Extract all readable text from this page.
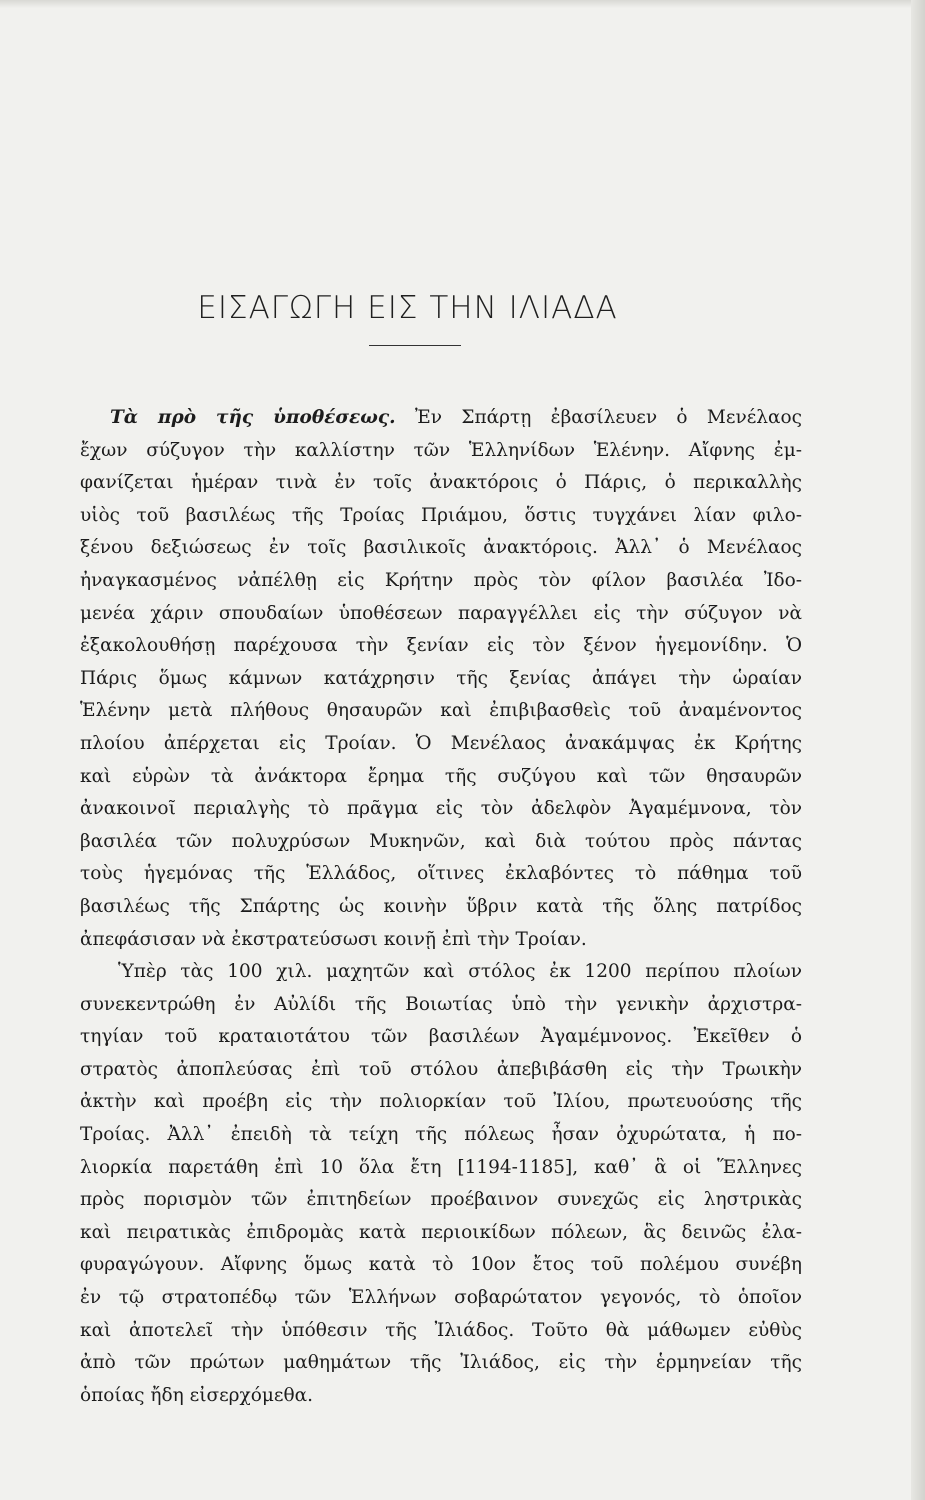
ΕΙΣΑΓΩΓΗ ΕΙΣ ΤΗΝ ΙΛΙΑΔΑ
Τὰ πρὸ τῆς ὑποθέσεως. Ἐν Σπάρτῃ ἐβασίλευεν ὁ Μενέλαος
ἔχων σύζυγον τὴν καλλίστην τῶν Ἑλληνίδων Ἑλένην. Αἴφνης ἐμ-
φανίζεται ἡμέραν τινὰ ἐν τοῖς ἀνακτόροις ὁ Πάρις, ὁ περικαλλὴς
υἱὸς τοῦ βασιλέως τῆς Τροίας Πριάμου, ὅστις τυγχάνει λίαν φιλο-
ξένου δεξιώσεως ἐν τοῖς βασιλικοῖς ἀνακτόροις. Ἀλλ᾽ ὁ Μενέλαος
ἠναγκασμένος νἀπέλθῃ εἰς Κρήτην πρὸς τὸν φίλον βασιλέα Ἰδο-
μενέα χάριν σπουδαίων ὑποθέσεων παραγγέλλει εἰς τὴν σύζυγον νὰ
ἐξακολουθήσῃ παρέχουσα τὴν ξενίαν εἰς τὸν ξένον ἡγεμονίδην. Ὁ
Πάρις ὅμως κάμνων κατάχρησιν τῆς ξενίας ἀπάγει τὴν ὡραίαν
Ἑλένην μετὰ πλήθους θησαυρῶν καὶ ἐπιβιβασθεὶς τοῦ ἀναμένοντος
πλοίου ἀπέρχεται εἰς Τροίαν. Ὁ Μενέλαος ἀνακάμψας ἐκ Κρήτης
καὶ εὑρὼν τὰ ἀνάκτορα ἔρημα τῆς συζύγου καὶ τῶν θησαυρῶν
ἀνακοινοῖ περιαλγὴς τὸ πρᾶγμα εἰς τὸν ἀδελφὸν Ἀγαμέμνονα, τὸν
βασιλέα τῶν πολυχρύσων Μυκηνῶν, καὶ διὰ τούτου πρὸς πάντας
τοὺς ἡγεμόνας τῆς Ἑλλάδος, οἵτινες ἐκλαβόντες τὸ πάθημα τοῦ
βασιλέως τῆς Σπάρτης ὡς κοινὴν ὕβριν κατὰ τῆς ὅλης πατρίδος
ἀπεφάσισαν νὰ ἐκστρατεύσωσι κοινῇ ἐπὶ τὴν Τροίαν.
Ὑπὲρ τὰς 100 χιλ. μαχητῶν καὶ στόλος ἐκ 1200 περίπου πλοίων
συνεκεντρώθη ἐν Αὐλίδι τῆς Βοιωτίας ὑπὸ τὴν γενικὴν ἀρχιστρα-
τηγίαν τοῦ κραταιοτάτου τῶν βασιλέων Ἀγαμέμνονος. Ἐκεῖθεν ὁ
στρατὸς ἀποπλεύσας ἐπὶ τοῦ στόλου ἀπεβιβάσθη εἰς τὴν Τρωικὴν
ἀκτὴν καὶ προέβη εἰς τὴν πολιορκίαν τοῦ Ἰλίου, πρωτευούσης τῆς
Τροίας. Ἀλλ᾽ ἐπειδὴ τὰ τείχη τῆς πόλεως ἦσαν ὀχυρώτατα, ἡ πο-
λιορκία παρετάθη ἐπὶ 10 ὅλα ἔτη [1194-1185], καθ᾽ ἃ οἱ Ἕλληνες
πρὸς πορισμὸν τῶν ἐπιτηδείων προέβαινον συνεχῶς εἰς ληστρικὰς
καὶ πειρατικὰς ἐπιδρομὰς κατὰ περιοικίδων πόλεων, ἃς δεινῶς ἐλα-
φυραγώγουν. Αἴφνης ὅμως κατὰ τὸ 10ον ἔτος τοῦ πολέμου συνέβη
ἐν τῷ στρατοπέδῳ τῶν Ἑλλήνων σοβαρώτατον γεγονός, τὸ ὁποῖον
καὶ ἀποτελεῖ τὴν ὑπόθεσιν τῆς Ἰλιάδος. Τοῦτο θὰ μάθωμεν εὐθὺς
ἀπὸ τῶν πρώτων μαθημάτων τῆς Ἰλιάδος, εἰς τὴν ἑρμηνείαν τῆς
ὁποίας ἤδη εἰσερχόμεθα.
